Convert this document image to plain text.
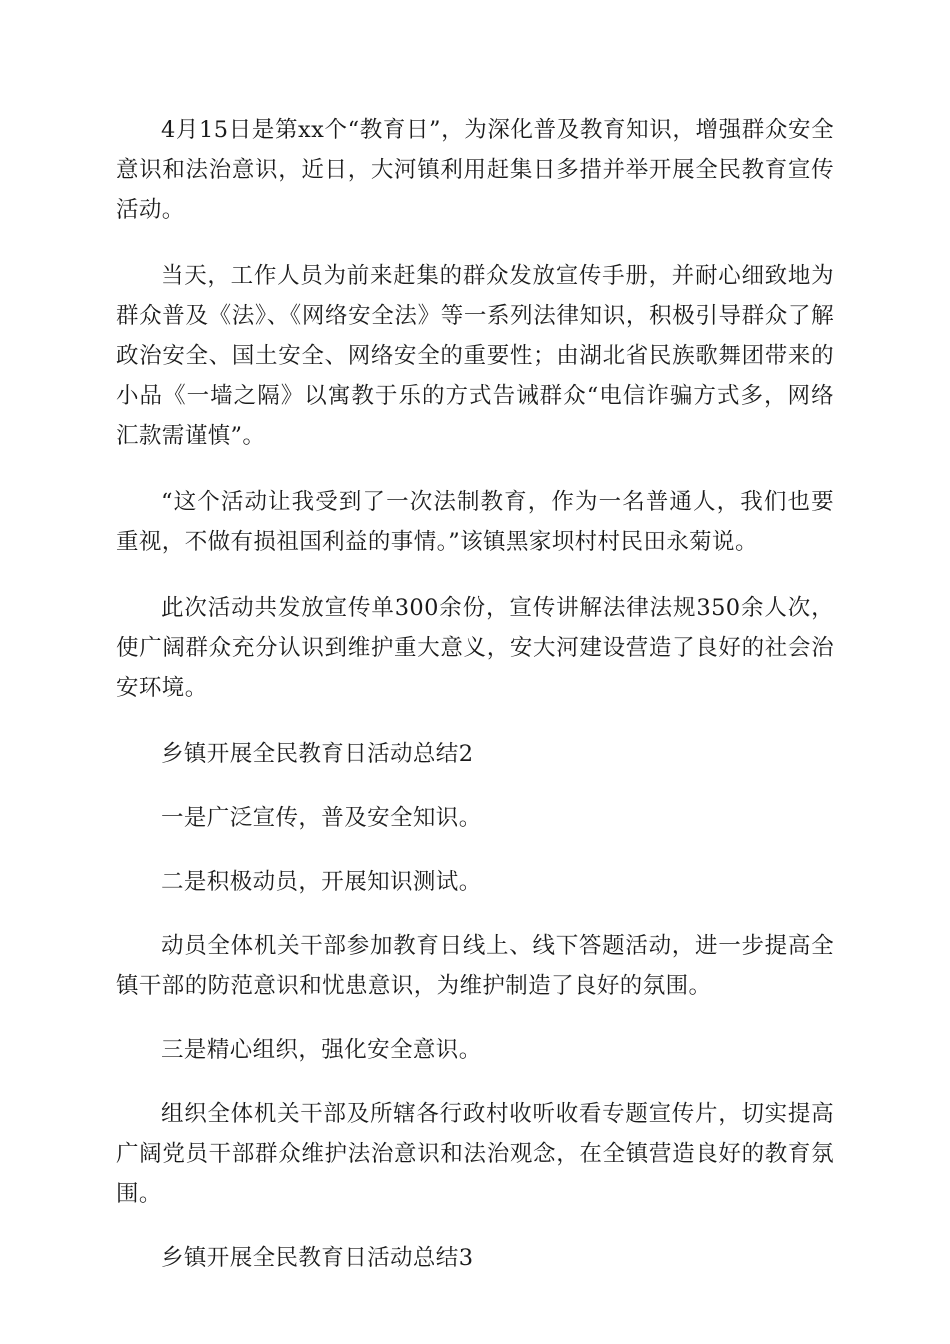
4月15日是第xx个“教育日”，为深化普及教育知识，增强群众安全意识和法治意识，近日，大河镇利用赶集日多措并举开展全民教育宣传活动。

当天，工作人员为前来赶集的群众发放宣传手册，并耐心细致地为群众普及《法》、《网络安全法》等一系列法律知识，积极引导群众了解政治安全、国土安全、网络安全的重要性；由湖北省民族歌舞团带来的小品《一墙之隔》以寓教于乐的方式告诫群众“电信诈骗方式多，网络汇款需谨慎”。

“这个活动让我受到了一次法制教育，作为一名普通人，我们也要重视，不做有损祖国利益的事情。”该镇黑家坝村村民田永菊说。

此次活动共发放宣传单300余份，宣传讲解法律法规350余人次，使广阔群众充分认识到维护重大意义，安大河建设营造了良好的社会治安环境。

乡镇开展全民教育日活动总结2

一是广泛宣传，普及安全知识。

二是积极动员，开展知识测试。

动员全体机关干部参加教育日线上、线下答题活动，进一步提高全镇干部的防范意识和忧患意识，为维护制造了良好的氛围。

三是精心组织，强化安全意识。

组织全体机关干部及所辖各行政村收听收看专题宣传片，切实提高广阔党员干部群众维护法治意识和法治观念，在全镇营造良好的教育氛围。

乡镇开展全民教育日活动总结3
